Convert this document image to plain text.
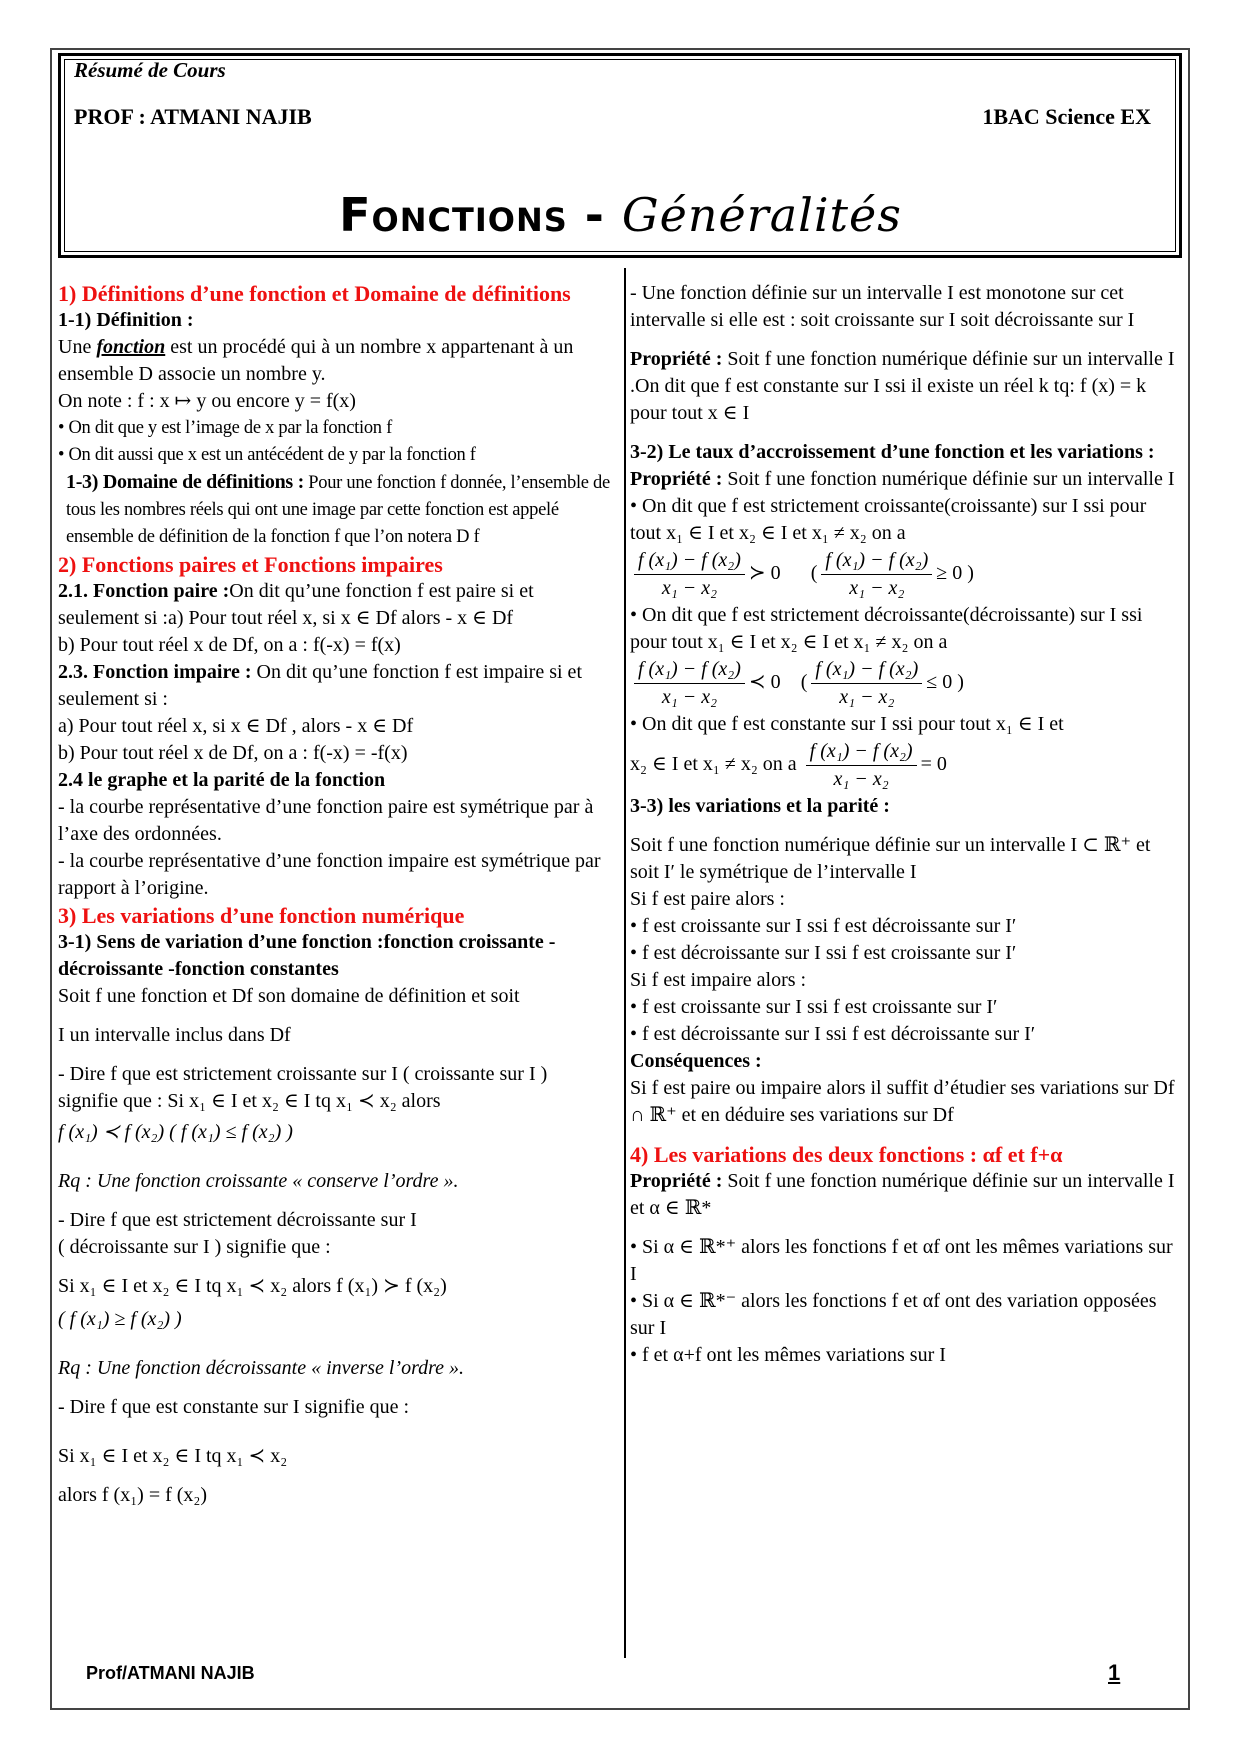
Résumé de Cours
PROF : ATMANI NAJIB	1BAC Science EX
Fonctions - Généralités

1) Définitions d’une fonction et Domaine de définitions

1-1) Définition :

Une fonction est un procédé qui à un nombre x appartenant à un ensemble D associe un nombre y.

On note : f : x ↦ y ou encore y = f(x)

• On dit que y est l’image de x par la fonction f

• On dit aussi que x est un antécédent de y par la fonction f

1-3) Domaine de définitions : Pour une fonction f donnée, l’ensemble de tous les nombres réels qui ont une image par cette fonction est appelé ensemble de définition de la fonction f que l’on notera D f

2) Fonctions paires et Fonctions impaires

2.1. Fonction paire :On dit qu’une fonction f est paire si et seulement si :a) Pour tout réel x, si x ∈ Df alors - x ∈ Df

b) Pour tout réel x de Df, on a : f(-x) = f(x)

2.3. Fonction impaire : On dit qu’une fonction f est impaire si et seulement si :

a) Pour tout réel x, si x ∈ Df , alors - x ∈ Df

b) Pour tout réel x de Df, on a : f(-x) = -f(x)

2.4 le graphe et la parité de la fonction

- la courbe représentative d’une fonction paire est symétrique par à l’axe des ordonnées.

- la courbe représentative d’une fonction impaire est symétrique par rapport à l’origine.

3) Les variations d’une fonction numérique

3-1) Sens de variation d’une fonction :fonction croissante -décroissante -fonction constantes

Soit f une fonction et Df son domaine de définition et soit

I un intervalle inclus dans Df

- Dire f que est strictement croissante sur I ( croissante sur I ) signifie que : Si x₁ ∈ I et x₂ ∈ I tq x₁ ≺ x₂ alors

f (x₁) ≺ f (x₂) ( f (x₁) ≤ f (x₂) )

Rq : Une fonction croissante « conserve l’ordre ».

- Dire f que est strictement décroissante sur I

( décroissante sur I ) signifie que :

Si x₁ ∈ I et x₂ ∈ I tq x₁ ≺ x₂ alors f (x₁) ≻ f (x₂)

( f (x₁) ≥ f (x₂) )

Rq : Une fonction décroissante « inverse l’ordre ».

- Dire f que est constante sur I signifie que :

Si x₁ ∈ I et x₂ ∈ I tq x₁ ≺ x₂

alors f (x₁) = f (x₂)

- Une fonction définie sur un intervalle I est monotone sur cet intervalle si elle est : soit croissante sur I soit décroissante sur I

Propriété : Soit f une fonction numérique définie sur un intervalle I .On dit que f est constante sur I ssi il existe un réel k tq: f (x) = k pour tout x ∈ I

3-2) Le taux d’accroissement d’une fonction et les variations :

Propriété : Soit f une fonction numérique définie sur un intervalle I

• On dit que f est strictement croissante(croissante) sur I ssi pour tout x₁ ∈ I et x₂ ∈ I et x₁ ≠ x₂ on a

$\frac{\text{f (x₁) − f (x₂)}}{\text{x₁ − x₂}}$ ≻ 0      ( $\frac{\text{f (x₁) − f (x₂)}}{\text{x₁ − x₂}} \ge 0$ )

• On dit que f est strictement décroissante(décroissante) sur I ssi pour tout x₁ ∈ I et x₂ ∈ I et x₁ ≠ x₂ on a

$\frac{\text{f (x₁) − f (x₂)}}{\text{x₁ − x₂}}$ ≺ 0    ( $\frac{\text{f (x₁) − f (x₂)}}{\text{x₁ − x₂}} \le 0$ )

• On dit que f est constante sur I ssi pour tout x₁ ∈ I et

x₂ ∈ I et x₁ ≠ x₂ on a $\frac{\text{f (x₁) − f (x₂)}}{\text{x₁ − x₂}} = 0$

3-3) les variations et la parité :

Soit f une fonction numérique définie sur un intervalle I ⊂ ℝ⁺ et soit I′ le symétrique de l’intervalle I

Si f est paire alors :

• f est croissante sur I ssi f est décroissante sur I′

• f est décroissante sur I ssi f est croissante sur I′

Si f est impaire alors :

• f est croissante sur I ssi f est croissante sur I′

• f est décroissante sur I ssi f est décroissante sur I′

Conséquences :

Si f est paire ou impaire alors il suffit d’étudier ses variations sur Df ∩ ℝ⁺ et en déduire ses variations sur Df

4) Les variations des deux fonctions : αf et f+α

Propriété : Soit f une fonction numérique définie sur un intervalle I et α ∈ ℝ*

• Si α ∈ ℝ*⁺ alors les fonctions f et αf ont les mêmes variations sur I

• Si α ∈ ℝ*⁻ alors les fonctions f et αf ont des variation opposées sur I

• f et α+f ont les mêmes variations sur I

Prof/ATMANI NAJIB	1
